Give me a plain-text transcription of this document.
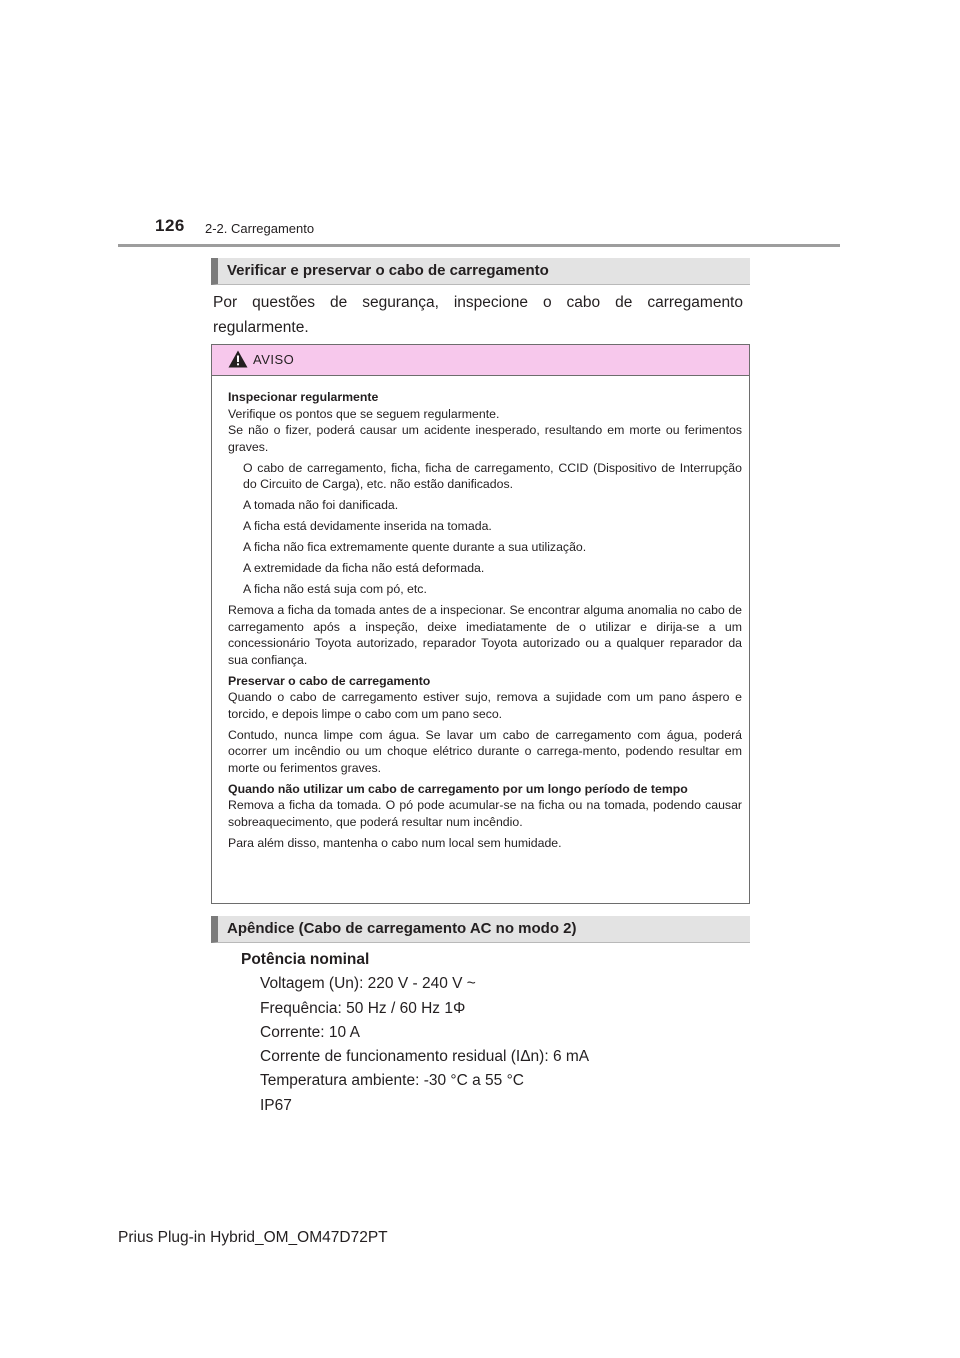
126 2-2. Carregamento
Verificar e preservar o cabo de carregamento

Por questões de segurança, inspecione o cabo de carregamento regularmente.

AVISO

Inspecionar regularmente

Verifique os pontos que se seguem regularmente.

Se não o fizer, poderá causar um acidente inesperado, resultando em morte ou ferimentos graves.

O cabo de carregamento, ficha, ficha de carregamento, CCID (Dispositivo de Interrupção do Circuito de Carga), etc. não estão danificados.

A tomada não foi danificada.

A ficha está devidamente inserida na tomada.

A ficha não fica extremamente quente durante a sua utilização.

A extremidade da ficha não está deformada.

A ficha não está suja com pó, etc.

Remova a ficha da tomada antes de a inspecionar. Se encontrar alguma anomalia no cabo de carregamento após a inspeção, deixe imediatamente de o utilizar e dirija-se a um concessionário Toyota autorizado, reparador Toyota autorizado ou a qualquer reparador da sua confiança.

Preservar o cabo de carregamento

Quando o cabo de carregamento estiver sujo, remova a sujidade com um pano áspero e torcido, e depois limpe o cabo com um pano seco.

Contudo, nunca limpe com água. Se lavar um cabo de carregamento com água, poderá ocorrer um incêndio ou um choque elétrico durante o carrega-mento, podendo resultar em morte ou ferimentos graves.

Quando não utilizar um cabo de carregamento por um longo período de tempo

Remova a ficha da tomada. O pó pode acumular-se na ficha ou na tomada, podendo causar sobreaquecimento, que poderá resultar num incêndio.

Para além disso, mantenha o cabo num local sem humidade.

Apêndice (Cabo de carregamento AC no modo 2)

Potência nominal

Voltagem (Un): 220 V - 240 V ~

Frequência: 50 Hz / 60 Hz 1Φ

Corrente: 10 A

Corrente de funcionamento residual (IΔn): 6 mA

Temperatura ambiente: -30 °C a 55 °C

IP67

Prius Plug-in Hybrid_OM_OM47D72PT
